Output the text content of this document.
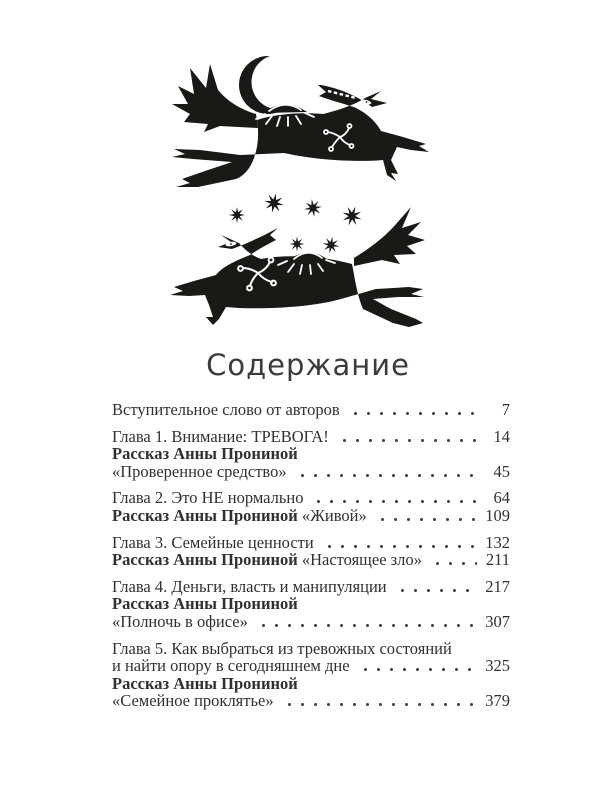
Содержание
Вступительное слово от авторов	7
Глава 1. Внимание: ТРЕВОГА!	14
Рассказ Анны Прониной
«Проверенное средство»	45
Глава 2. Это НЕ нормально	64
Рассказ Анны Прониной «Живой»	109
Глава 3. Семейные ценности	132
Рассказ Анны Прониной «Настоящее зло»	211
Глава 4. Деньги, власть и манипуляции	217
Рассказ Анны Прониной
«Полночь в офисе»	307
Глава 5. Как выбраться из тревожных состояний
и найти опору в сегодняшнем дне	325
Рассказ Анны Прониной
«Семейное проклятье»	379
